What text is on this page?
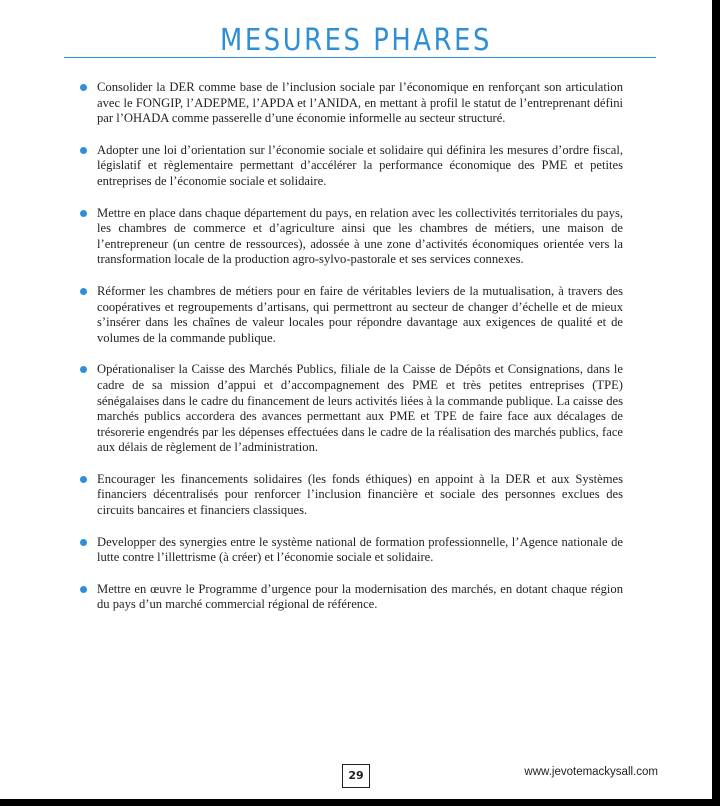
MESURES PHARES
Consolider la DER comme base de l’inclusion sociale par l’économique en renforçant son articulation avec le FONGIP, l’ADEPME, l’APDA et l’ANIDA, en mettant à profil le statut de l’entreprenant défini par l’OHADA comme passerelle d’une économie informelle au secteur structuré.
Adopter une loi d’orientation sur l’économie sociale et solidaire qui définira les mesures d’ordre fiscal, législatif et règlementaire permettant d’accélérer la performance économique des PME et petites entreprises de l’économie sociale et solidaire.
Mettre en place dans chaque département du pays, en relation avec les collectivités territoriales du pays, les chambres de commerce et d’agriculture ainsi que les chambres de métiers, une maison de l’entrepreneur (un centre de ressources), adossée à une zone d’activités économiques orientée vers la transformation locale de la production agro-sylvo-pastorale et ses services connexes.
Réformer les chambres de métiers pour en faire de véritables leviers de la mutualisation, à travers des coopératives et regroupements d’artisans, qui permettront au secteur de changer d’échelle et de mieux s’insérer dans les chaînes de valeur locales pour répondre davantage aux exigences de qualité et de volumes de la commande publique.
Opérationaliser la Caisse des Marchés Publics, filiale de la Caisse de Dépôts et Consignations, dans le cadre de sa mission d’appui et d’accompagnement des PME et très petites entreprises (TPE) sénégalaises dans le cadre du financement de leurs activités liées à la commande publique. La caisse des marchés publics accordera des avances permettant aux PME et TPE de faire face aux décalages de trésorerie engendrés par les dépenses effectuées dans le cadre de la réalisation des marchés publics, face aux délais de règlement de l’administration.
Encourager les financements solidaires (les fonds éthiques) en appoint à la DER et aux Systèmes financiers décentralisés pour renforcer l’inclusion financière et sociale des personnes exclues des circuits bancaires et financiers classiques.
Developper des synergies entre le système national de formation professionnelle, l’Agence nationale de lutte contre l’illettrisme (à créer) et l’économie sociale et solidaire.
Mettre en œuvre le Programme d’urgence pour la modernisation des marchés, en dotant chaque région du pays d’un marché commercial régional de référence.
29	www.jevotemackysall.com
